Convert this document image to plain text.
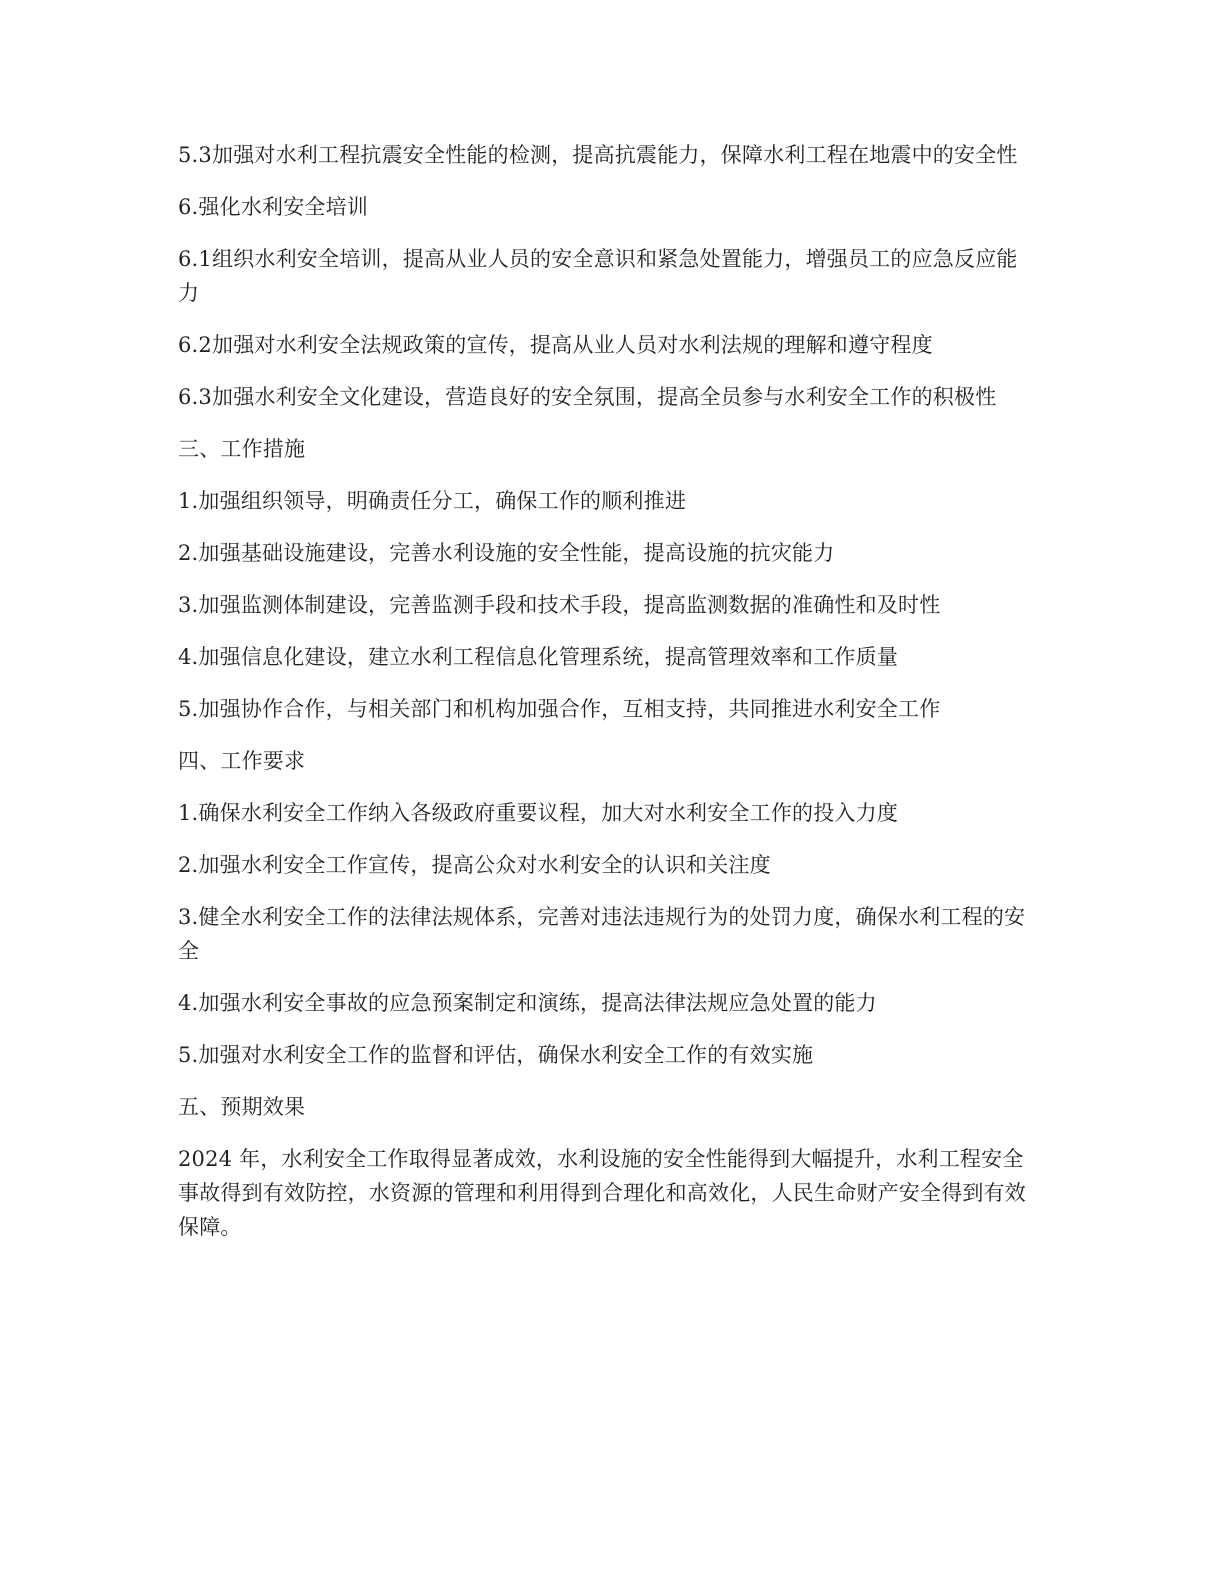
5.3加强对水利工程抗震安全性能的检测，提高抗震能力，保障水利工程在地震中的安全性

6.强化水利安全培训

6.1组织水利安全培训，提高从业人员的安全意识和紧急处置能力，增强员工的应急反应能力

6.2加强对水利安全法规政策的宣传，提高从业人员对水利法规的理解和遵守程度

6.3加强水利安全文化建设，营造良好的安全氛围，提高全员参与水利安全工作的积极性

三、工作措施

1.加强组织领导，明确责任分工，确保工作的顺利推进

2.加强基础设施建设，完善水利设施的安全性能，提高设施的抗灾能力

3.加强监测体制建设，完善监测手段和技术手段，提高监测数据的准确性和及时性

4.加强信息化建设，建立水利工程信息化管理系统，提高管理效率和工作质量

5.加强协作合作，与相关部门和机构加强合作，互相支持，共同推进水利安全工作

四、工作要求

1.确保水利安全工作纳入各级政府重要议程，加大对水利安全工作的投入力度

2.加强水利安全工作宣传，提高公众对水利安全的认识和关注度

3.健全水利安全工作的法律法规体系，完善对违法违规行为的处罚力度，确保水利工程的安全

4.加强水利安全事故的应急预案制定和演练，提高法律法规应急处置的能力

5.加强对水利安全工作的监督和评估，确保水利安全工作的有效实施

五、预期效果

2024 年，水利安全工作取得显著成效，水利设施的安全性能得到大幅提升，水利工程安全事故得到有效防控，水资源的管理和利用得到合理化和高效化，人民生命财产安全得到有效保障。
